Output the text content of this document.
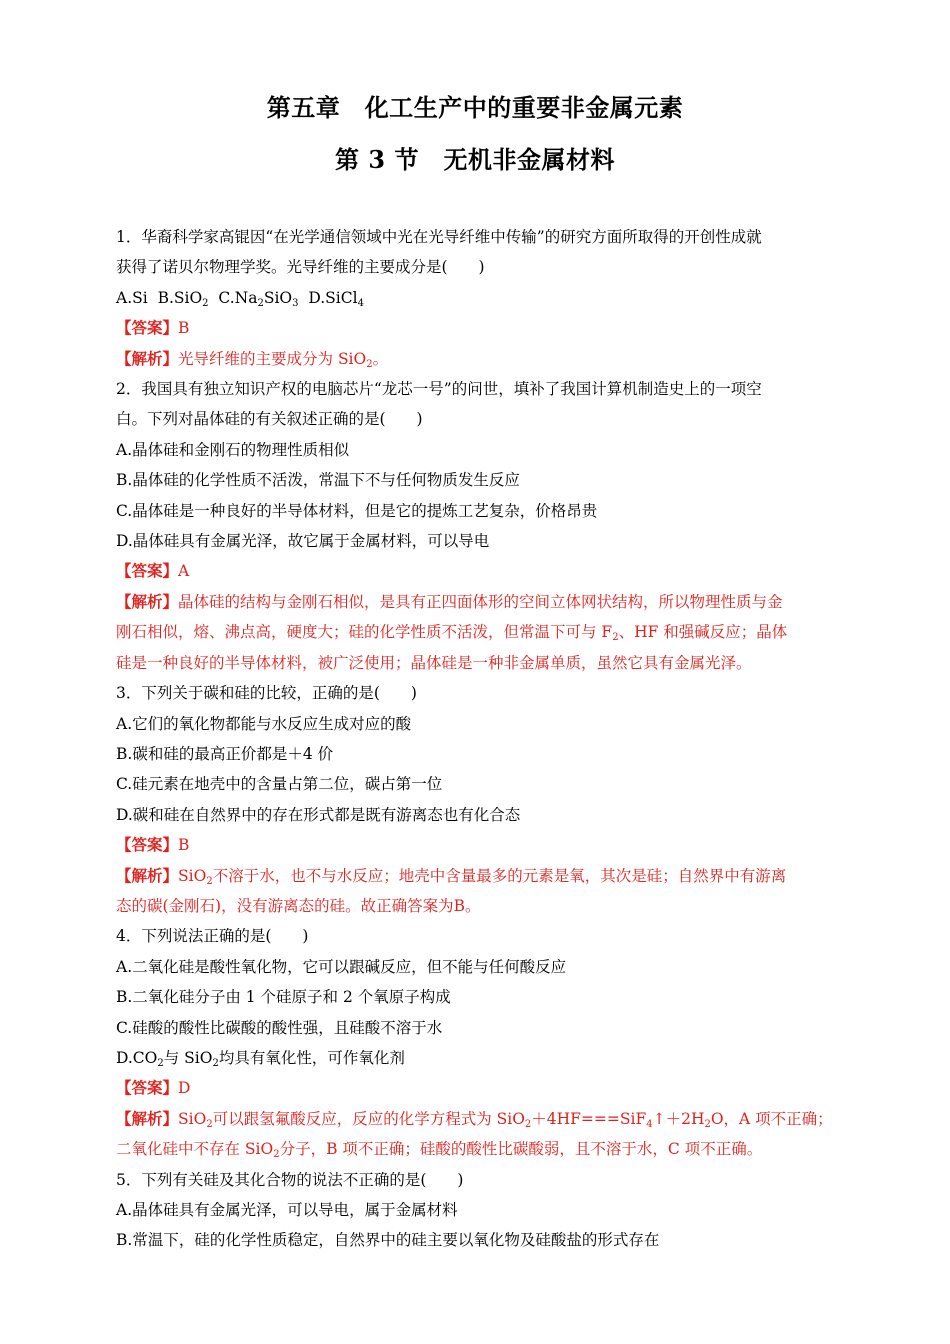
第五章　化工生产中的重要非金属元素
第 3 节　无机非金属材料
1．华裔科学家高锟因“在光学通信领域中光在光导纤维中传输”的研究方面所取得的开创性成就
获得了诺贝尔物理学奖。光导纤维的主要成分是(　　)
A.Si B.SiO$_2$ $C.Na_2SiO_3$ D.SiCl$_4$
【答案】B
【解析】光导纤维的主要成分为 SiO$_2$。
2．我国具有独立知识产权的电脑芯片“龙芯一号”的问世，填补了我国计算机制造史上的一项空
白。下列对晶体硅的有关叙述正确的是(　　)
A.晶体硅和金刚石的物理性质相似
B.晶体硅的化学性质不活泼，常温下不与任何物质发生反应
C.晶体硅是一种良好的半导体材料，但是它的提炼工艺复杂，价格昂贵
D.晶体硅具有金属光泽，故它属于金属材料，可以导电
【答案】A
【解析】晶体硅的结构与金刚石相似，是具有正四面体形的空间立体网状结构，所以物理性质与金
刚石相似，熔、沸点高，硬度大；硅的化学性质不活泼，但常温下可与 $F_2$、HF 和强碱反应；晶体
硅是一种良好的半导体材料，被广泛使用；晶体硅是一种非金属单质，虽然它具有金属光泽。
3．下列关于碳和硅的比较，正确的是(　　)
A.它们的氧化物都能与水反应生成对应的酸
B.碳和硅的最高正价都是＋4 价
C.硅元素在地壳中的含量占第二位，碳占第一位
D.碳和硅在自然界中的存在形式都是既有游离态也有化合态
【答案】B
【解析】SiO$_2$不溶于水，也不与水反应；地壳中含量最多的元素是氧，其次是硅；自然界中有游离
态的碳(金刚石)，没有游离态的硅。故正确答案为B。
4．下列说法正确的是(　　)
A.二氧化硅是酸性氧化物，它可以跟碱反应，但不能与任何酸反应
B.二氧化硅分子由 1 个硅原子和 2 个氧原子构成
C.硅酸的酸性比碳酸的酸性强，且硅酸不溶于水
$D.CO_2$与 SiO$_2$均具有氧化性，可作氧化剂
【答案】D
【解析】SiO$_2$可以跟氢氟酸反应，反应的化学方程式为 $SiO_2+4HF===SiF_4↑+2H_2O$，A 项不正确；
二氧化硅中不存在 SiO$_2$分子，B 项不正确；硅酸的酸性比碳酸弱，且不溶于水，C 项不正确。
5．下列有关硅及其化合物的说法不正确的是(　　)
A.晶体硅具有金属光泽，可以导电，属于金属材料
B.常温下，硅的化学性质稳定，自然界中的硅主要以氧化物及硅酸盐的形式存在
